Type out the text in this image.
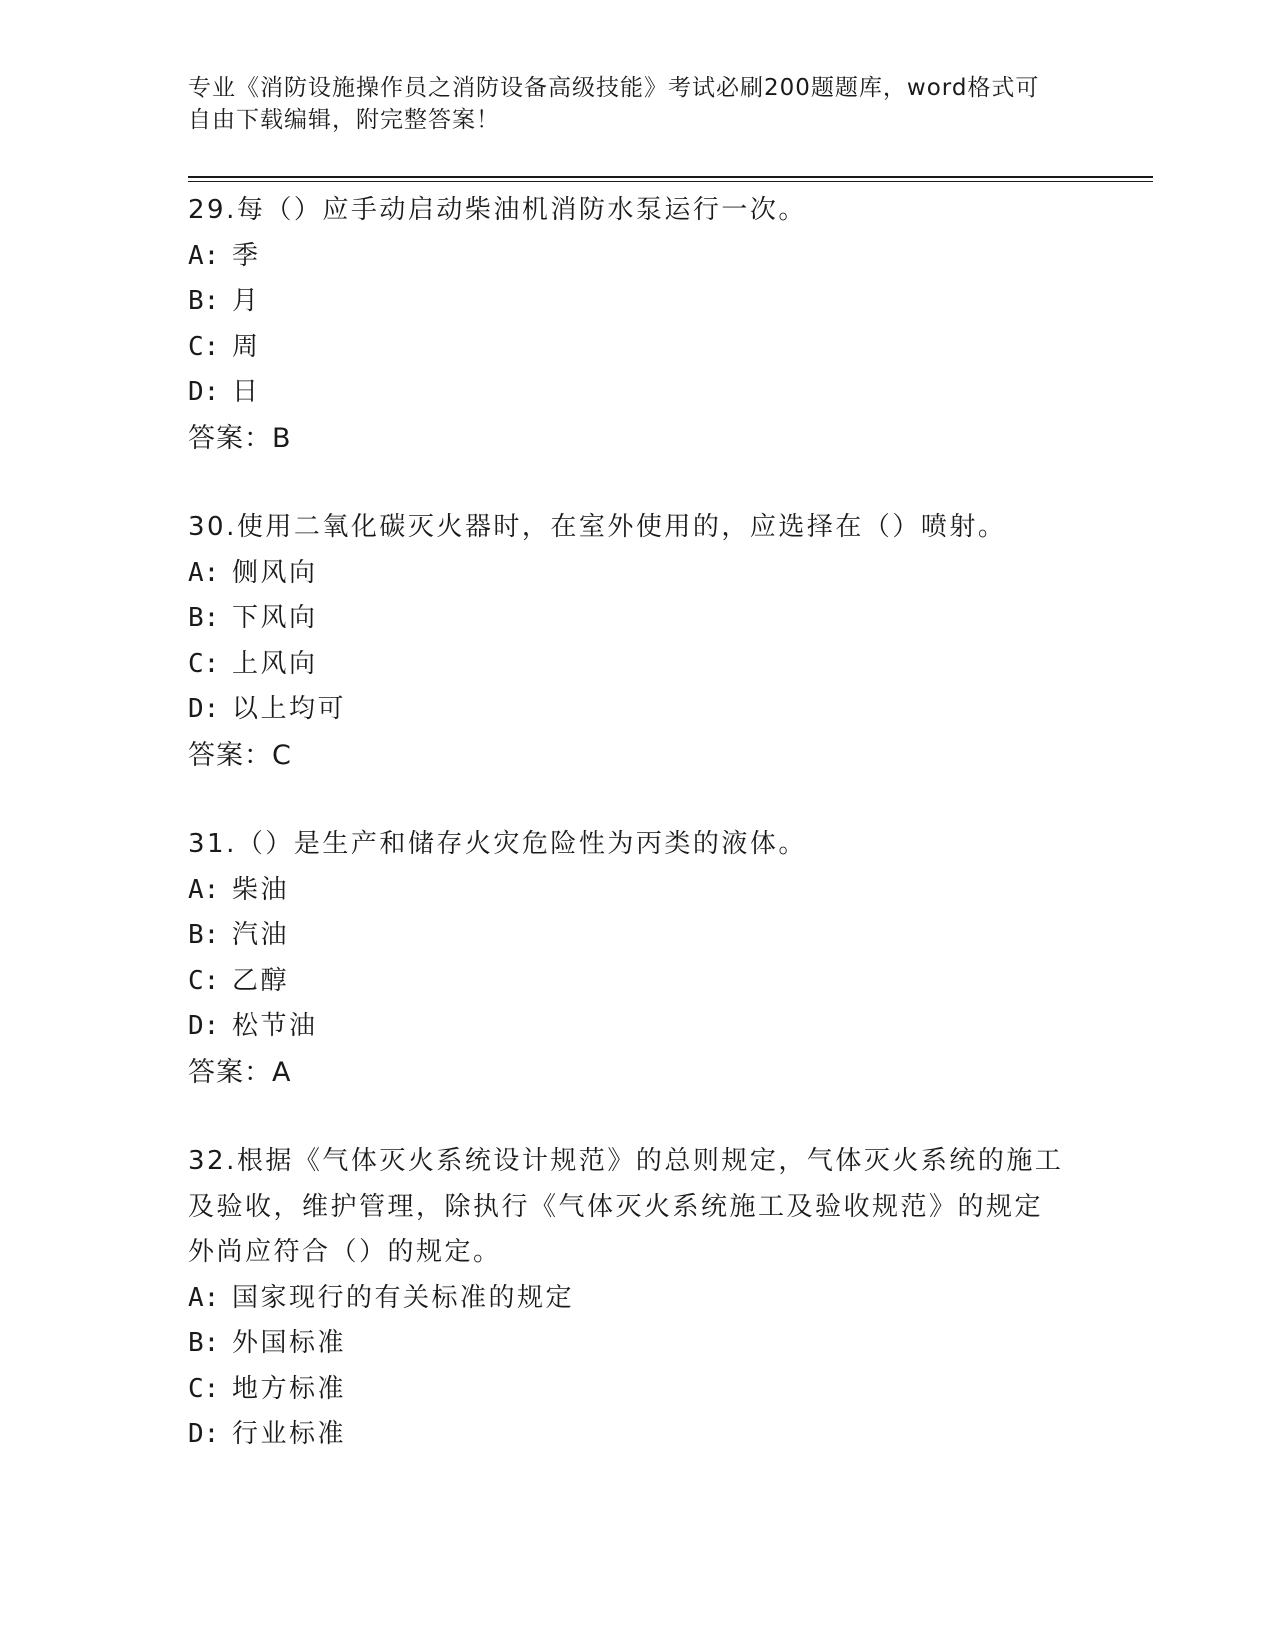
专业《消防设施操作员之消防设备高级技能》考试必刷200题题库，word格式可
自由下载编辑，附完整答案！
29.每（）应手动启动柴油机消防水泵运行一次。
A: 季
B: 月
C: 周
D: 日
答案：B
30.使用二氧化碳灭火器时，在室外使用的，应选择在（）喷射。
A: 侧风向
B: 下风向
C: 上风向
D: 以上均可
答案：C
31.（）是生产和储存火灾危险性为丙类的液体。
A: 柴油
B: 汽油
C: 乙醇
D: 松节油
答案：A
32.根据《气体灭火系统设计规范》的总则规定，气体灭火系统的施工
及验收，维护管理，除执行《气体灭火系统施工及验收规范》的规定
外尚应符合（）的规定。
A: 国家现行的有关标准的规定
B: 外国标准
C: 地方标准
D: 行业标准
